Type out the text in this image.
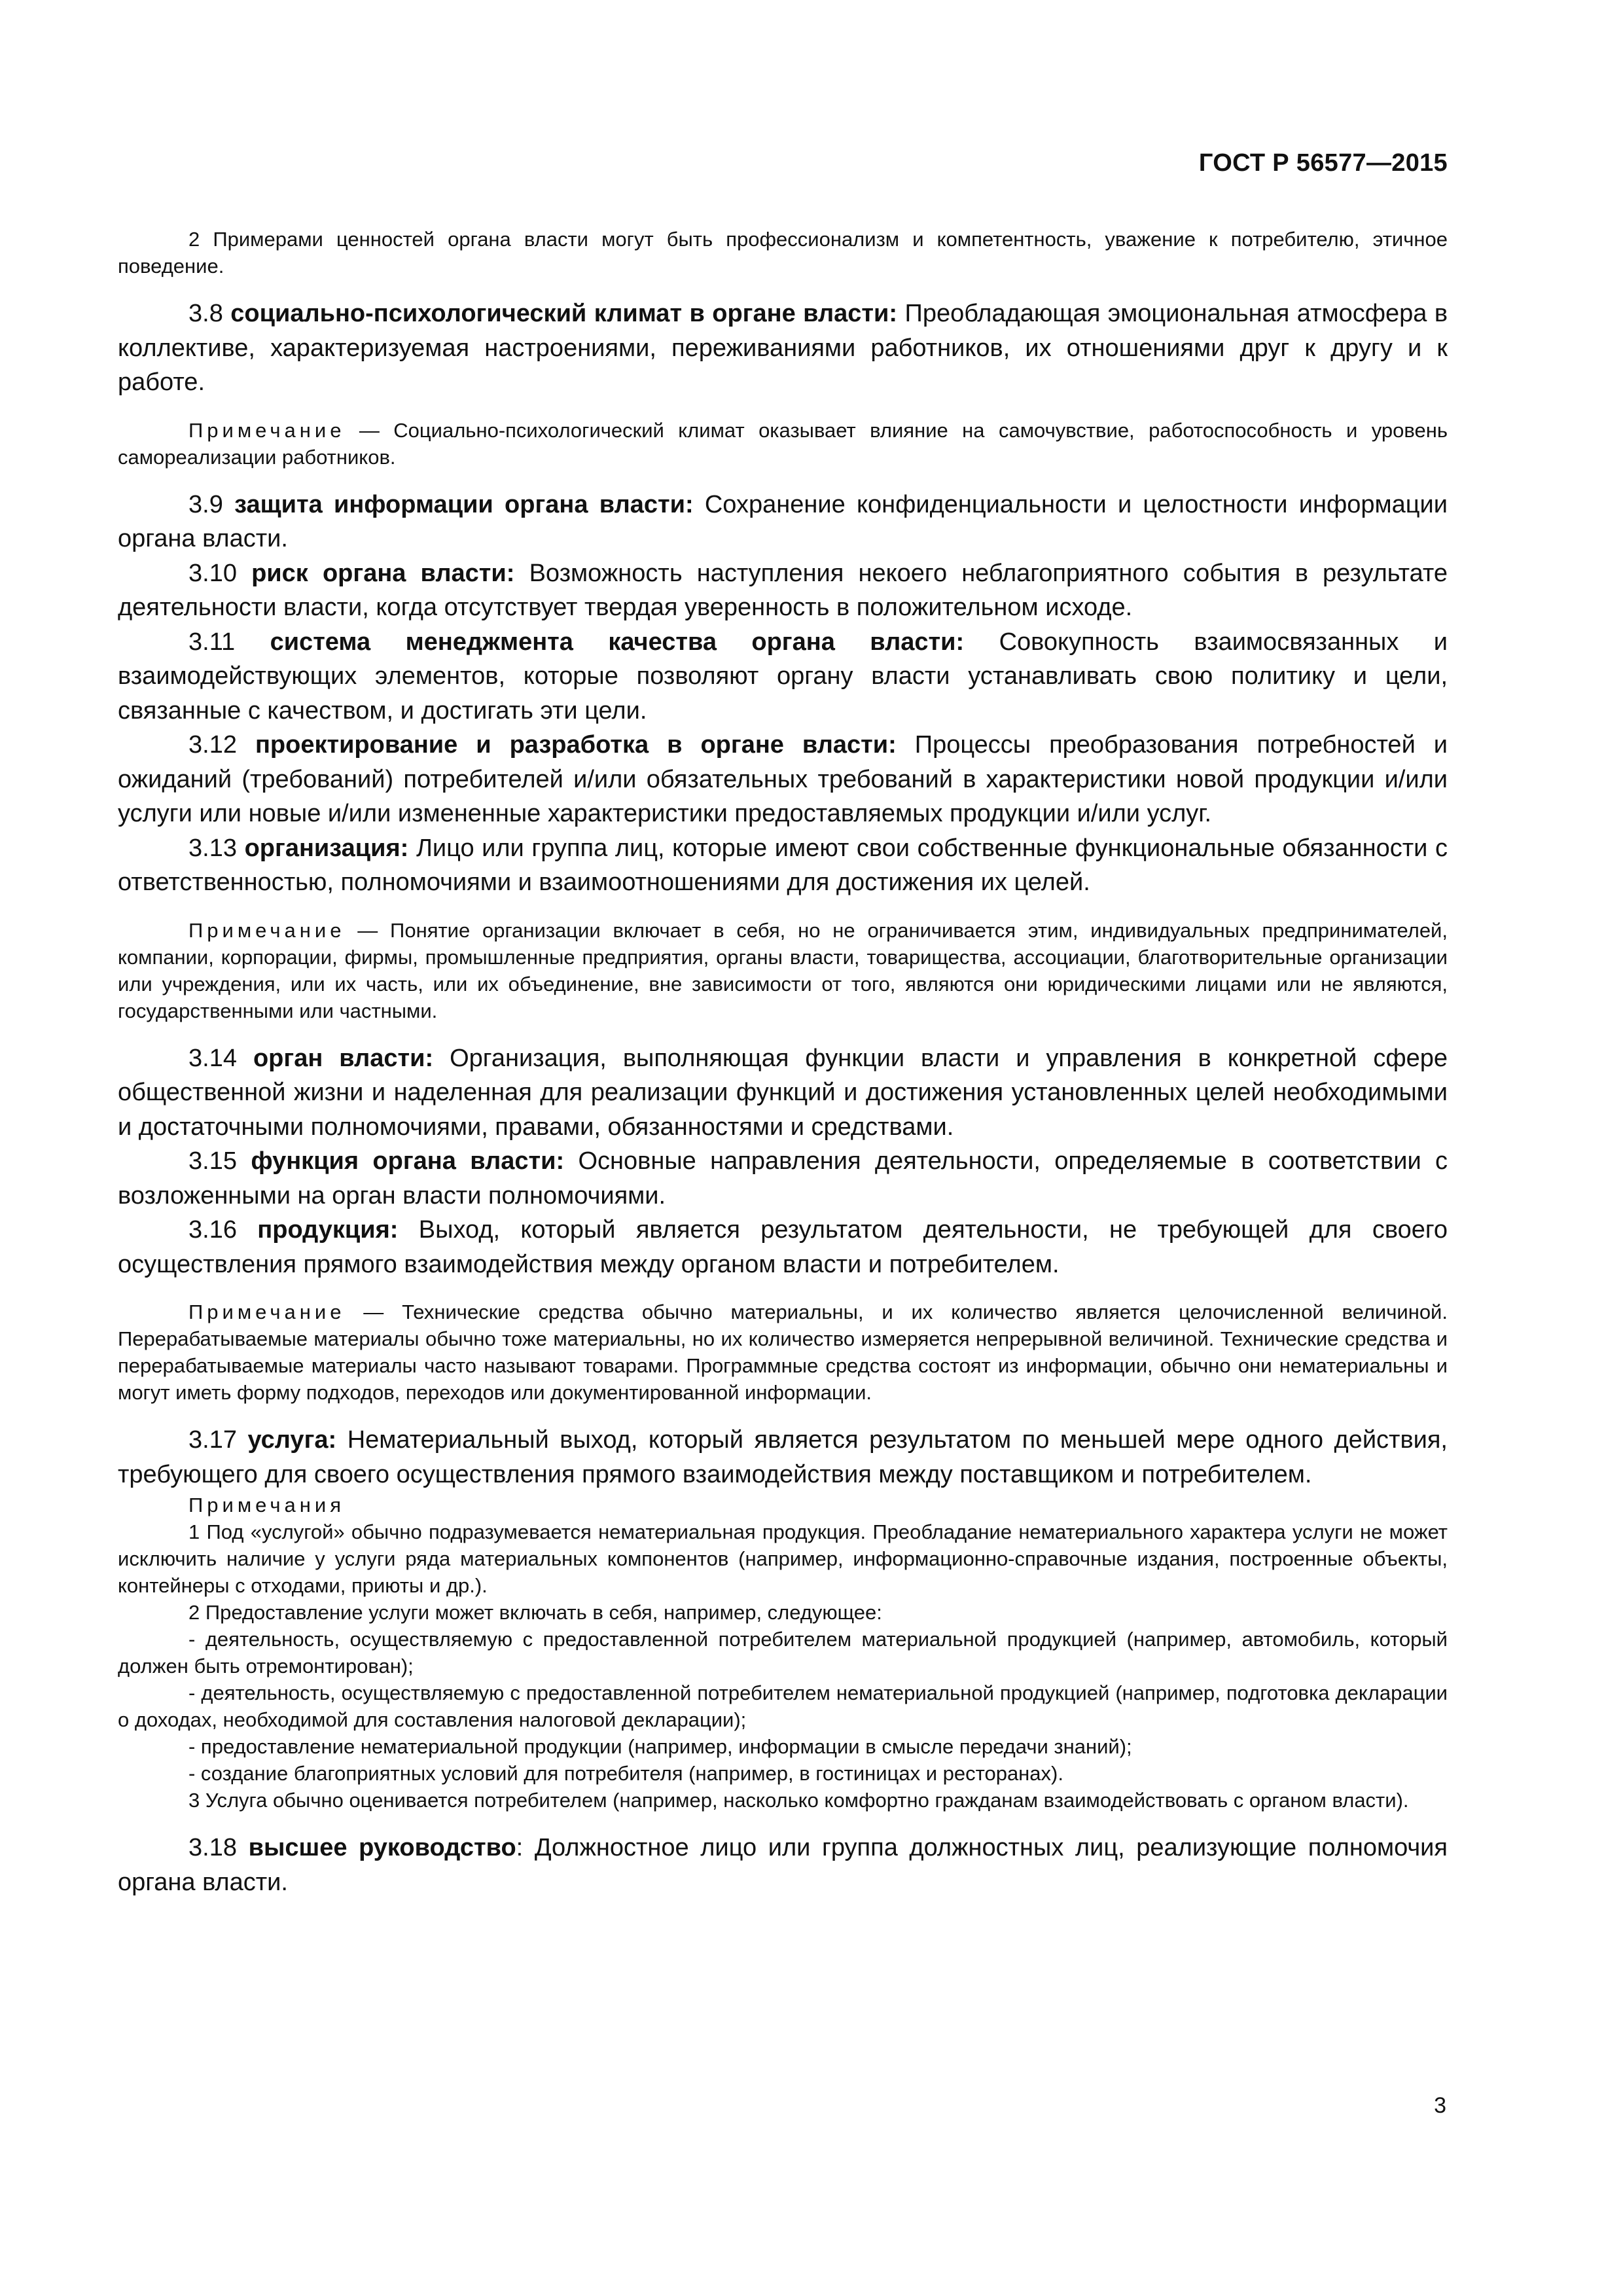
ГОСТ Р 56577—2015

2 Примерами ценностей органа власти могут быть профессионализм и компетентность, уважение к потребителю, этичное поведение.

3.8 социально-психологический климат в органе власти: Преобладающая эмоциональная атмосфера в коллективе, характеризуемая настроениями, переживаниями работников, их отношениями друг к другу и к работе.

Примечание — Социально-психологический климат оказывает влияние на самочувствие, работоспособность и уровень самореализации работников.

3.9 защита информации органа власти: Сохранение конфиденциальности и целостности информации органа власти.

3.10 риск органа власти: Возможность наступления некоего неблагоприятного события в результате деятельности власти, когда отсутствует твердая уверенность в положительном исходе.

3.11 система менеджмента качества органа власти: Совокупность взаимосвязанных и взаимодействующих элементов, которые позволяют органу власти устанавливать свою политику и цели, связанные с качеством, и достигать эти цели.

3.12 проектирование и разработка в органе власти: Процессы преобразования потребностей и ожиданий (требований) потребителей и/или обязательных требований в характеристики новой продукции и/или услуги или новые и/или измененные характеристики предоставляемых продукции и/или услуг.

3.13 организация: Лицо или группа лиц, которые имеют свои собственные функциональные обязанности с ответственностью, полномочиями и взаимоотношениями для достижения их целей.

Примечание — Понятие организации включает в себя, но не ограничивается этим, индивидуальных предпринимателей, компании, корпорации, фирмы, промышленные предприятия, органы власти, товарищества, ассоциации, благотворительные организации или учреждения, или их часть, или их объединение, вне зависимости от того, являются они юридическими лицами или не являются, государственными или частными.

3.14 орган власти: Организация, выполняющая функции власти и управления в конкретной сфере общественной жизни и наделенная для реализации функций и достижения установленных целей необходимыми и достаточными полномочиями, правами, обязанностями и средствами.

3.15 функция органа власти: Основные направления деятельности, определяемые в соответствии с возложенными на орган власти полномочиями.

3.16 продукция: Выход, который является результатом деятельности, не требующей для своего осуществления прямого взаимодействия между органом власти и потребителем.

Примечание — Технические средства обычно материальны, и их количество является целочисленной величиной. Перерабатываемые материалы обычно тоже материальны, но их количество измеряется непрерывной величиной. Технические средства и перерабатываемые материалы часто называют товарами. Программные средства состоят из информации, обычно они нематериальны и могут иметь форму подходов, переходов или документированной информации.

3.17 услуга: Нематериальный выход, который является результатом по меньшей мере одного действия, требующего для своего осуществления прямого взаимодействия между поставщиком и потребителем.

Примечания

1 Под «услугой» обычно подразумевается нематериальная продукция. Преобладание нематериального характера услуги не может исключить наличие у услуги ряда материальных компонентов (например, информационно-справочные издания, построенные объекты, контейнеры с отходами, приюты и др.).

2 Предоставление услуги может включать в себя, например, следующее:

- деятельность, осуществляемую с предоставленной потребителем материальной продукцией (например, автомобиль, который должен быть отремонтирован);

- деятельность, осуществляемую с предоставленной потребителем нематериальной продукцией (например, подготовка декларации о доходах, необходимой для составления налоговой декларации);

- предоставление нематериальной продукции (например, информации в смысле передачи знаний);

- создание благоприятных условий для потребителя (например, в гостиницах и ресторанах).

3 Услуга обычно оценивается потребителем (например, насколько комфортно гражданам взаимодействовать с органом власти).

3.18 высшее руководство: Должностное лицо или группа должностных лиц, реализующие полномочия органа власти.

3
